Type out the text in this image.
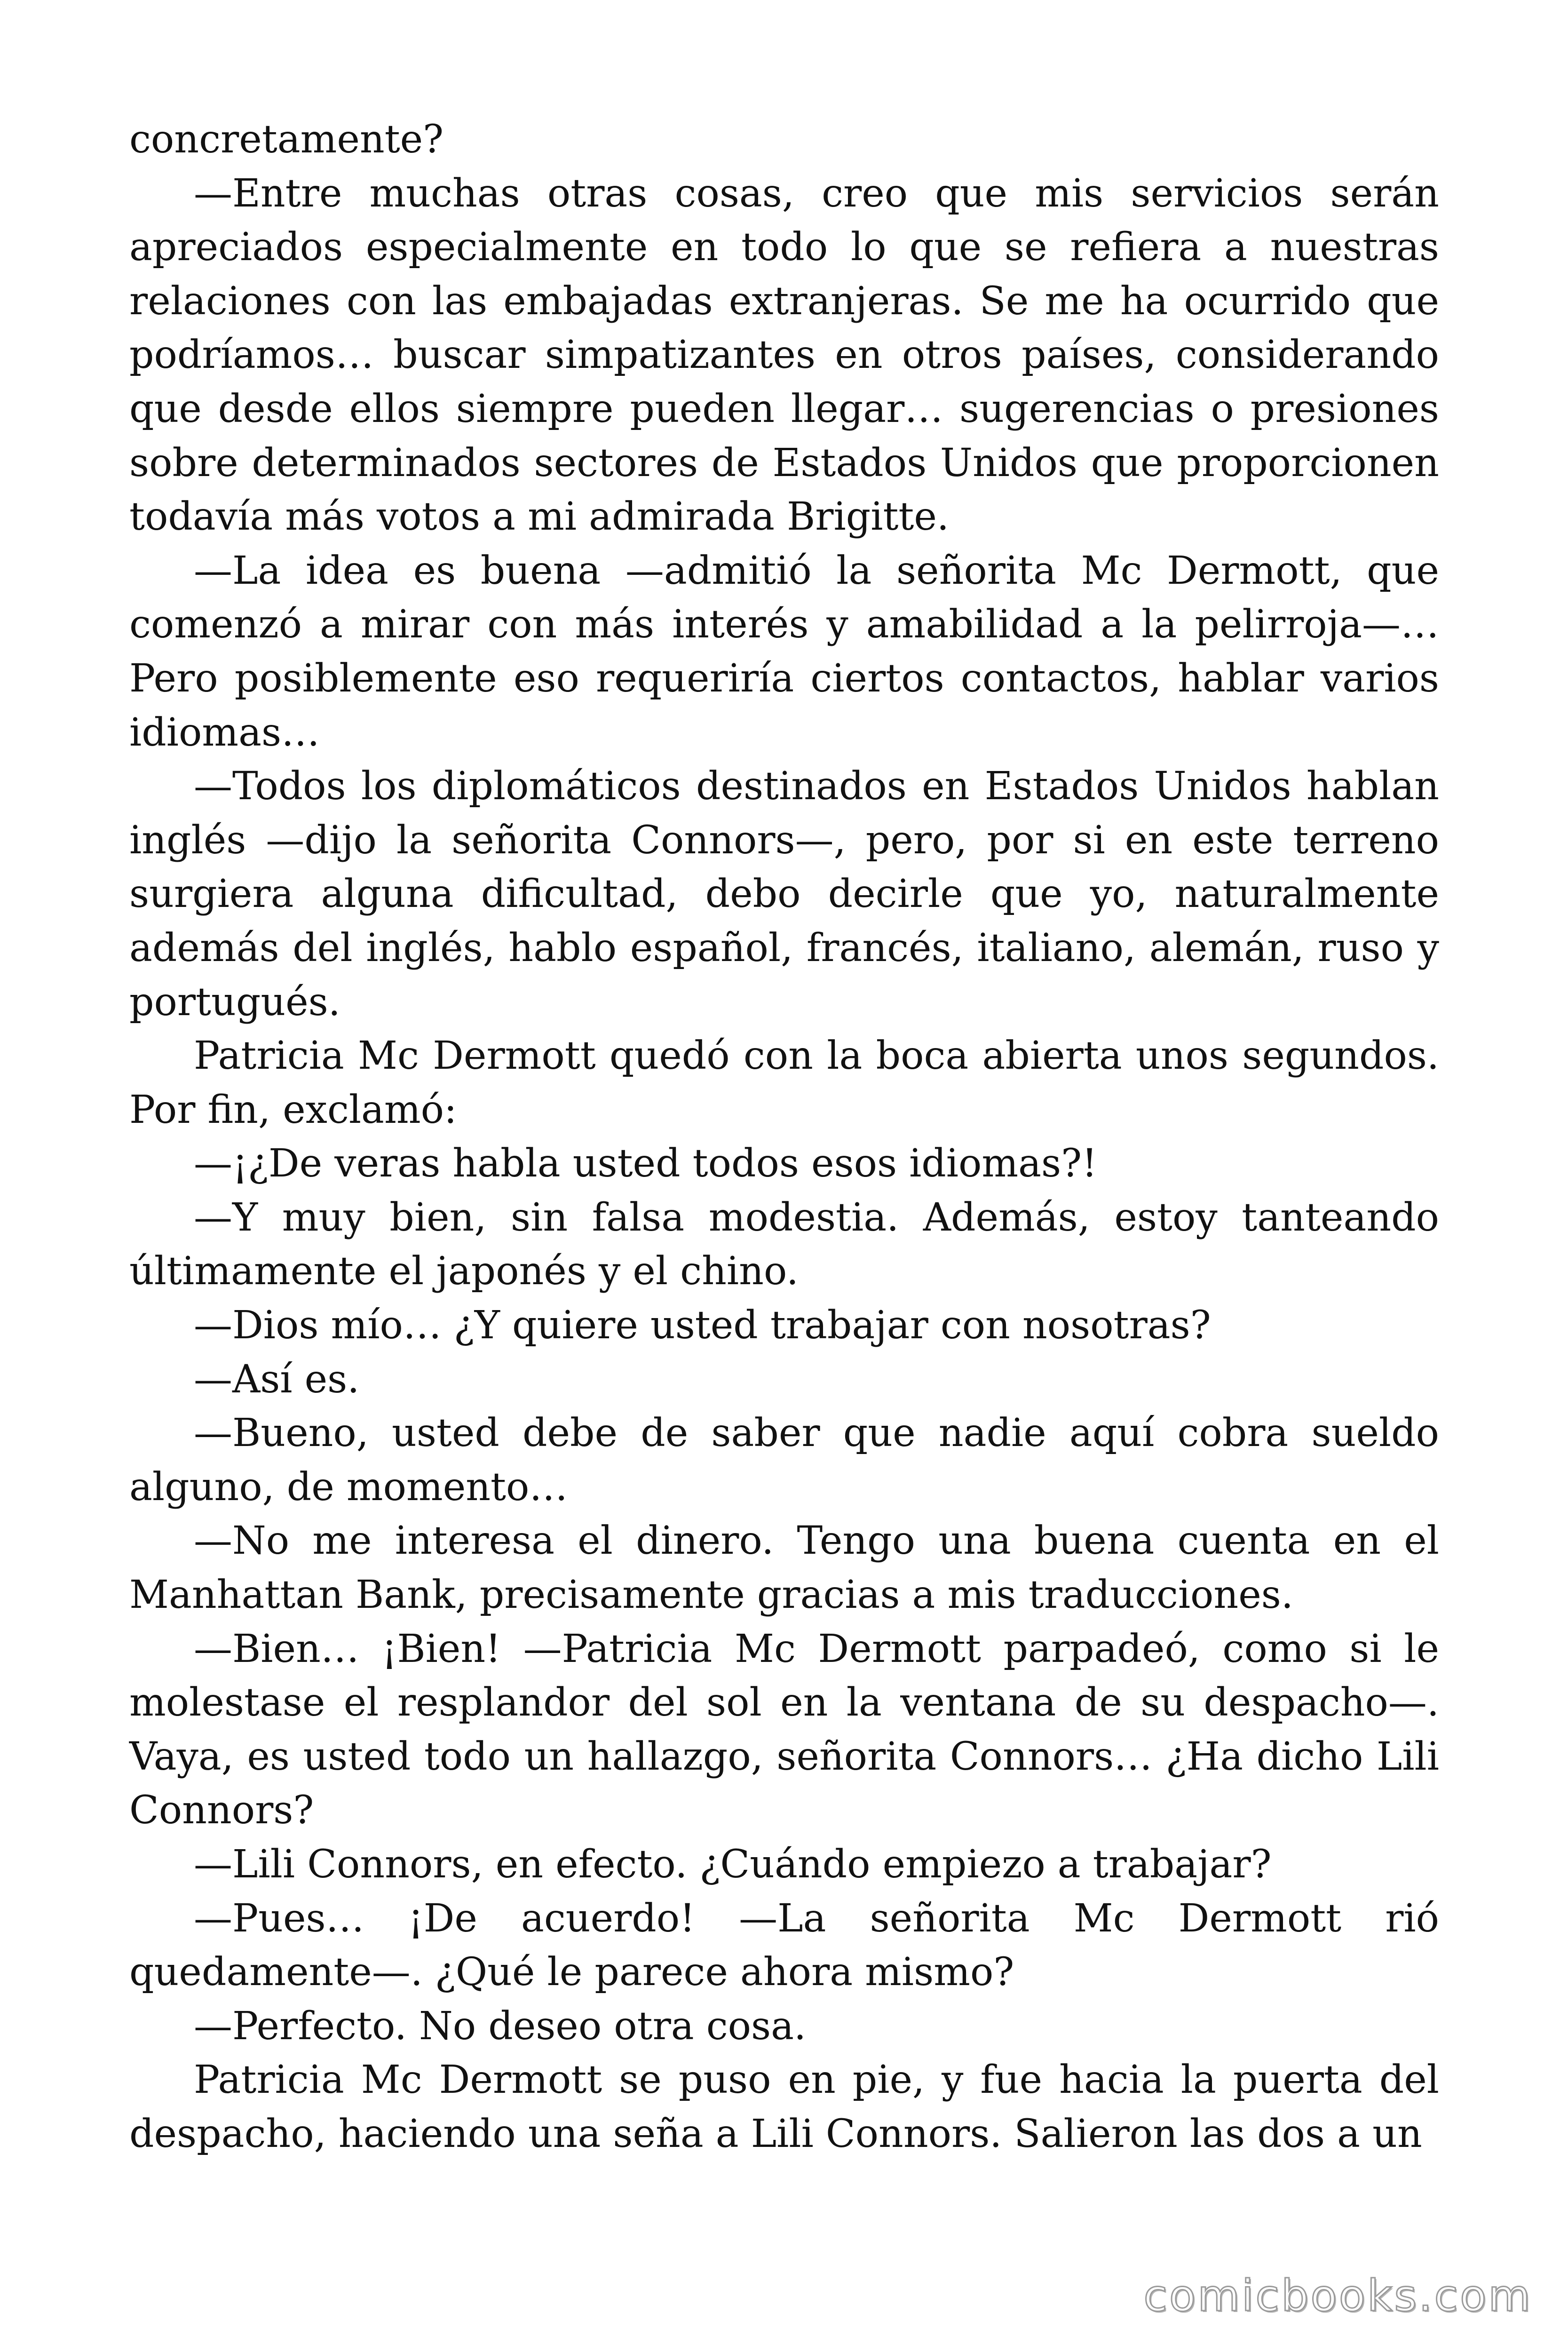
concretamente?

—Entre muchas otras cosas, creo que mis servicios serán apreciados especialmente en todo lo que se refiera a nuestras relaciones con las embajadas extranjeras. Se me ha ocurrido que podríamos… buscar simpatizantes en otros países, considerando que desde ellos siempre pueden llegar… sugerencias o presiones sobre determinados sectores de Estados Unidos que proporcionen todavía más votos a mi admirada Brigitte.

—La idea es buena —admitió la señorita Mc Dermott, que comenzó a mirar con más interés y amabilidad a la pelirroja—… Pero posiblemente eso requeriría ciertos contactos, hablar varios idiomas…

—Todos los diplomáticos destinados en Estados Unidos hablan inglés —dijo la señorita Connors—, pero, por si en este terreno surgiera alguna dificultad, debo decirle que yo, naturalmente además del inglés, hablo español, francés, italiano, alemán, ruso y portugués.

Patricia Mc Dermott quedó con la boca abierta unos segundos. Por fin, exclamó:

—¡¿De veras habla usted todos esos idiomas?!

—Y muy bien, sin falsa modestia. Además, estoy tanteando últimamente el japonés y el chino.

—Dios mío… ¿Y quiere usted trabajar con nosotras?

—Así es.

—Bueno, usted debe de saber que nadie aquí cobra sueldo alguno, de momento…

—No me interesa el dinero. Tengo una buena cuenta en el Manhattan Bank, precisamente gracias a mis traducciones.

—Bien… ¡Bien! —Patricia Mc Dermott parpadeó, como si le molestase el resplandor del sol en la ventana de su despacho—. Vaya, es usted todo un hallazgo, señorita Connors… ¿Ha dicho Lili Connors?

—Lili Connors, en efecto. ¿Cuándo empiezo a trabajar?

—Pues… ¡De acuerdo! —La señorita Mc Dermott rió quedamente—. ¿Qué le parece ahora mismo?

—Perfecto. No deseo otra cosa.

Patricia Mc Dermott se puso en pie, y fue hacia la puerta del despacho, haciendo una seña a Lili Connors. Salieron las dos a un

comicbooks.com
